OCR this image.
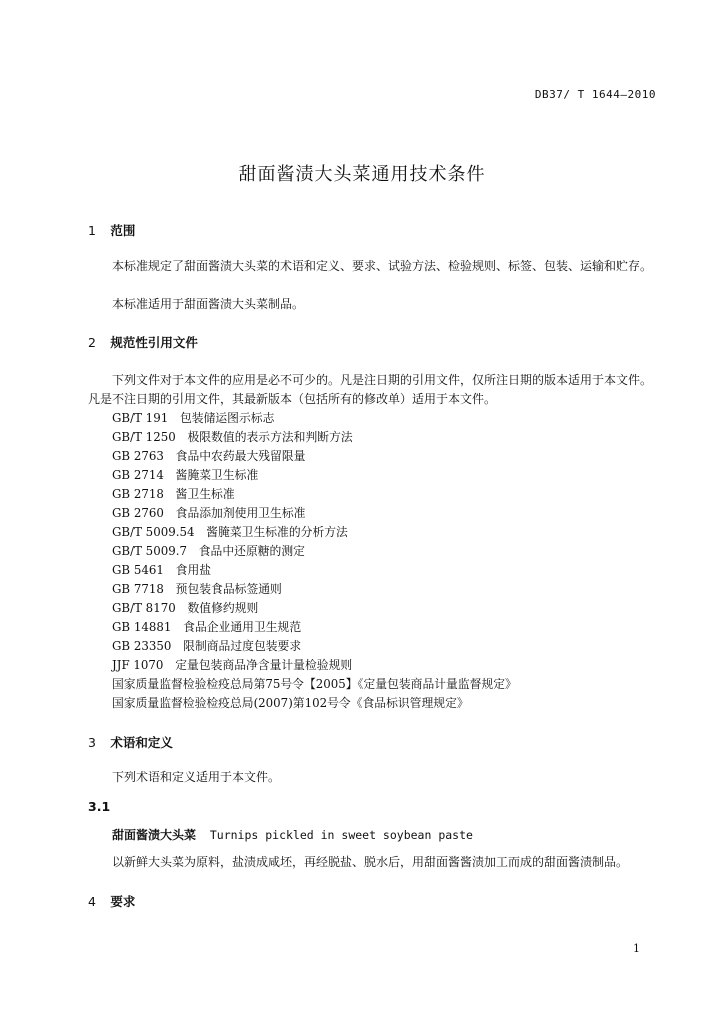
DB37/ T 1644—2010
甜面酱渍大头菜通用技术条件
1 范围
本标准规定了甜面酱渍大头菜的术语和定义、要求、试验方法、检验规则、标签、包装、运输和贮存。
本标准适用于甜面酱渍大头菜制品。
2 规范性引用文件
下列文件对于本文件的应用是必不可少的。凡是注日期的引用文件，仅所注日期的版本适用于本文件。凡是不注日期的引用文件，其最新版本（包括所有的修改单）适用于本文件。
GB/T 191　包装储运图示标志
GB/T 1250　极限数值的表示方法和判断方法
GB 2763　食品中农药最大残留限量
GB 2714　酱腌菜卫生标准
GB 2718　酱卫生标准
GB 2760　食品添加剂使用卫生标准
GB/T 5009.54　酱腌菜卫生标准的分析方法
GB/T 5009.7　食品中还原糖的测定
GB 5461　食用盐
GB 7718　预包装食品标签通则
GB/T 8170　数值修约规则
GB 14881　食品企业通用卫生规范
GB 23350　限制商品过度包装要求
JJF 1070　定量包装商品净含量计量检验规则
国家质量监督检验检疫总局第75号令【2005】《定量包装商品计量监督规定》
国家质量监督检验检疫总局(2007)第102号令《食品标识管理规定》
3 术语和定义
下列术语和定义适用于本文件。
3.1
甜面酱渍大头菜 Turnips pickled in sweet soybean paste
以新鲜大头菜为原料，盐渍成咸坯，再经脱盐、脱水后，用甜面酱酱渍加工而成的甜面酱渍制品。
4 要求
1
